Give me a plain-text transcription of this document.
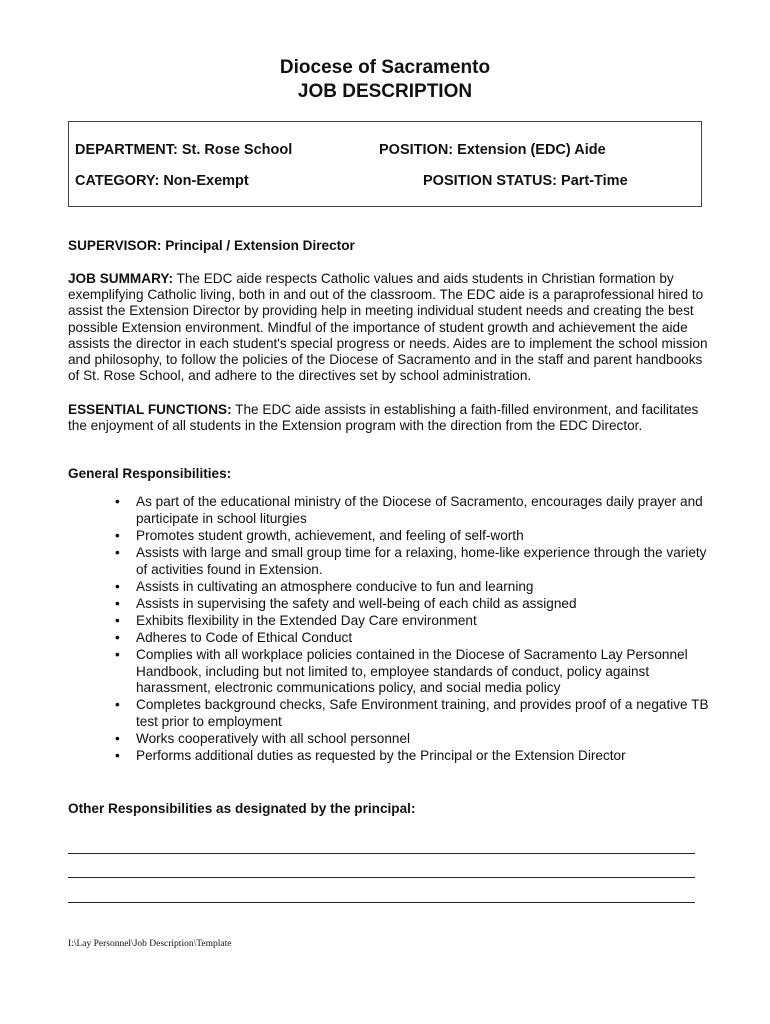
Diocese of Sacramento
JOB DESCRIPTION
DEPARTMENT: St. Rose School	POSITION: Extension (EDC) Aide
CATEGORY: Non-Exempt	POSITION STATUS: Part-Time
SUPERVISOR: Principal / Extension Director
JOB SUMMARY: The EDC aide respects Catholic values and aids students in Christian formation by exemplifying Catholic living, both in and out of the classroom. The EDC aide is a paraprofessional hired to assist the Extension Director by providing help in meeting individual student needs and creating the best possible Extension environment. Mindful of the importance of student growth and achievement the aide assists the director in each student's special progress or needs. Aides are to implement the school mission and philosophy, to follow the policies of the Diocese of Sacramento and in the staff and parent handbooks of St. Rose School, and adhere to the directives set by school administration.
ESSENTIAL FUNCTIONS: The EDC aide assists in establishing a faith-filled environment, and facilitates the enjoyment of all students in the Extension program with the direction from the EDC Director.
General Responsibilities:
• As part of the educational ministry of the Diocese of Sacramento, encourages daily prayer and participate in school liturgies
• Promotes student growth, achievement, and feeling of self-worth
• Assists with large and small group time for a relaxing, home-like experience through the variety of activities found in Extension.
• Assists in cultivating an atmosphere conducive to fun and learning
• Assists in supervising the safety and well-being of each child as assigned
• Exhibits flexibility in the Extended Day Care environment
• Adheres to Code of Ethical Conduct
• Complies with all workplace policies contained in the Diocese of Sacramento Lay Personnel Handbook, including but not limited to, employee standards of conduct, policy against harassment, electronic communications policy, and social media policy
• Completes background checks, Safe Environment training, and provides proof of a negative TB test prior to employment
• Works cooperatively with all school personnel
• Performs additional duties as requested by the Principal or the Extension Director
Other Responsibilities as designated by the principal:
I:\Lay Personnel\Job Description\Template
